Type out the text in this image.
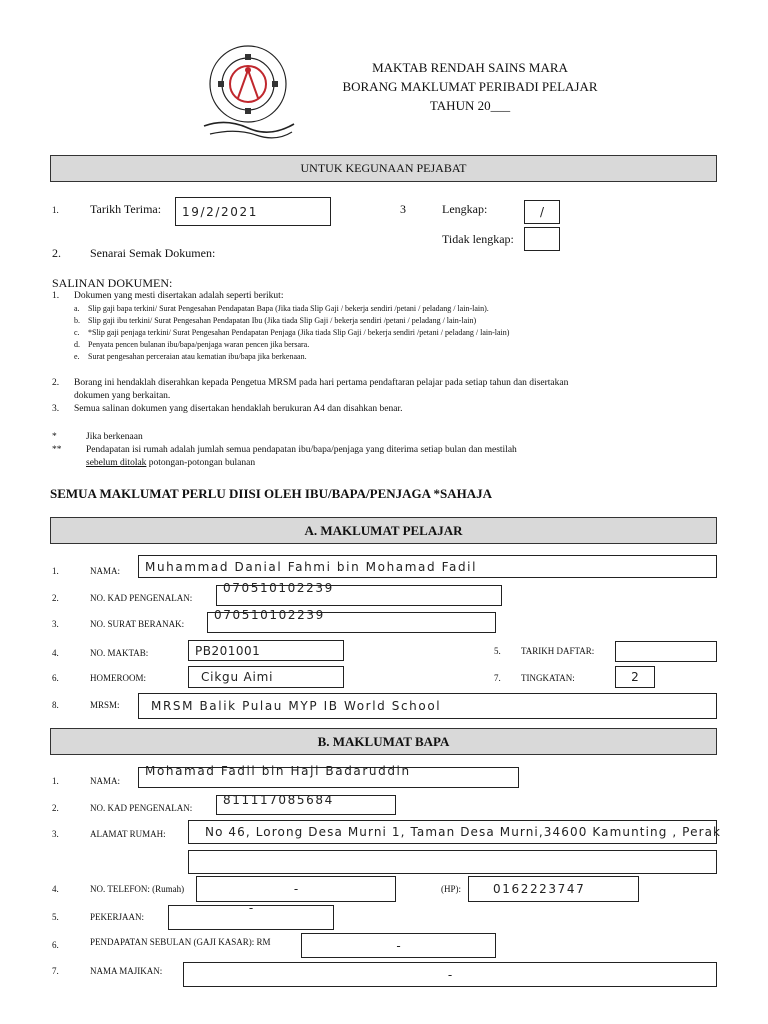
MAKTAB RENDAH SAINS MARA
BORANG MAKLUMAT PERIBADI PELAJAR
TAHUN 20___
UNTUK KEGUNAAN PEJABAT
1.	Tarikh Terima: 19/2/2021	3	Lengkap:	/
Tidak lengkap:
2. Senarai Semak Dokumen:
SALINAN DOKUMEN:
1. Dokumen yang mesti disertakan adalah seperti berikut:
a. Slip gaji bapa terkini/ Surat Pengesahan Pendapatan Bapa (Jika tiada Slip Gaji / bekerja sendiri /petani / peladang / lain-lain).
b. Slip gaji ibu terkini/ Surat Pengesahan Pendapatan Ibu (Jika tiada Slip Gaji / bekerja sendiri /petani / peladang / lain-lain)
c. *Slip gaji penjaga terkini/ Surat Pengesahan Pendapatan Penjaga (Jika tiada Slip Gaji / bekerja sendiri /petani / peladang / lain-lain)
d. Penyata pencen bulanan ibu/bapa/penjaga waran pencen jika bersara.
e. Surat pengesahan perceraian atau kematian ibu/bapa jika berkenaan.
2. Borang ini hendaklah diserahkan kepada Pengetua MRSM pada hari pertama pendaftaran pelajar pada setiap tahun dan disertakan
dokumen yang berkaitan.
3. Semua salinan dokumen yang disertakan hendaklah berukuran A4 dan disahkan benar.
*	Jika berkenaan
**	Pendapatan isi rumah adalah jumlah semua pendapatan ibu/bapa/penjaga yang diterima setiap bulan dan mestilah
sebelum ditolak potongan-potongan bulanan
SEMUA MAKLUMAT PERLU DIISI OLEH IBU/BAPA/PENJAGA *SAHAJA
A. MAKLUMAT PELAJAR
1.	NAMA: Muhammad Danial Fahmi bin Mohamad Fadil
2.	NO. KAD PENGENALAN:
070510102239
3.	NO. SURAT BERANAK:
070510102239
4.	NO. MAKTAB:	PB201001	5. TARIKH DAFTAR:
6.	HOMEROOM:	Cikgu Aimi	7. TINGKATAN:	2
8.	MRSM:	MRSM Balik Pulau MYP IB World School
B. MAKLUMAT BAPA
1.	NAMA:
Mohamad Fadil bin Haji Badaruddin
2.	NO. KAD PENGENALAN:
811117085684
3.	ALAMAT RUMAH:	No 46, Lorong Desa Murni 1, Taman Desa Murni,34600 Kamunting , Perak
4.	NO. TELEFON: (Rumah)	-	(HP):	0162223747
5.	PEKERJAAN:
-
6.	PENDAPATAN SEBULAN (GAJI KASAR): RM	-
7.	NAMA MAJIKAN:	-
